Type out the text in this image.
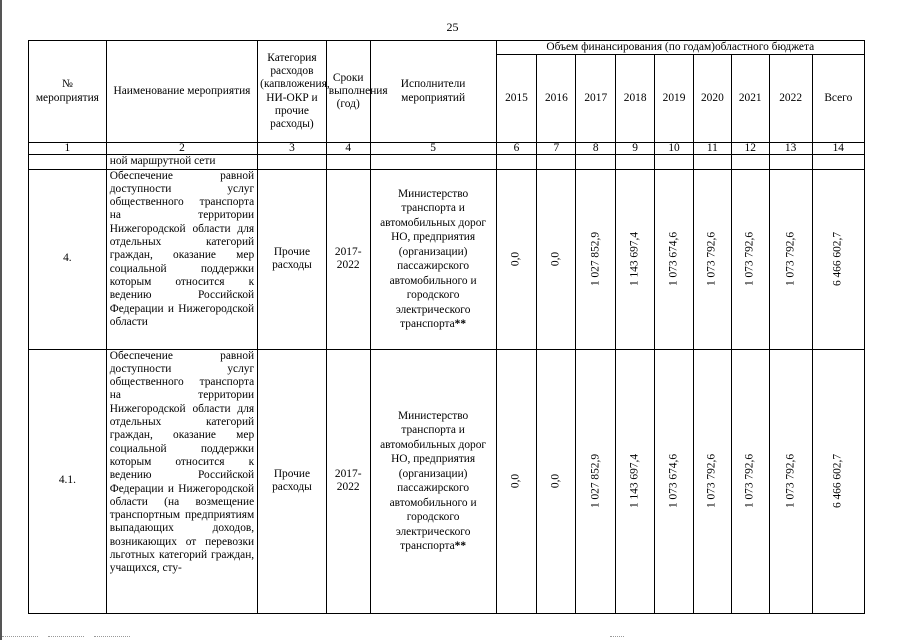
25
№ мероприятия	Наименование мероприятия	Категория расходов (капвложения, НИ-ОКР и прочие расходы)	Сроки выполнения (год)	Исполнители мероприятий	Объем финансирования (по годам)областного бюджета								
					2015	2016	2017	2018	2019	2020	2021	2022	Всего
1	2	3	4	5	6	7	8	9	10	11	12	13	14
	ной маршрутной сети												
4.	Обеспечение равной доступности услуг общественного транспорта на территории Нижегородской области для отдельных категорий граждан, оказание мер социальной поддержки которым относится к ведению Российской Федерации и Нижегородской области	Прочие расходы	2017-2022	Министерство транспорта и автомобильных дорог НО, предприятия (организации) пассажирского автомобильного и городского электрического транспорта**	0,0	0,0	1 027 852,9	1 143 697,4	1 073 674,6	1 073 792,6	1 073 792,6	1 073 792,6	6 466 602,7

4.1.	Обеспечение равной доступности услуг общественного транспорта на территории Нижегородской области для отдельных категорий граждан, оказание мер социальной поддержки которым относится к ведению Российской Федерации и Нижегородской области (на возмещение транспортным предприятиям выпадающих доходов, возникающих от перевозки льготных категорий граждан, учащихся, сту-	Прочие расходы	2017-2022	Министерство транспорта и автомобильных дорог НО, предприятия (организации) пассажирского автомобильного и городского электрического транспорта**	0,0	0,0	1 027 852,9	1 143 697,4	1 073 674,6	1 073 792,6	1 073 792,6	1 073 792,6	6 466 602,7
